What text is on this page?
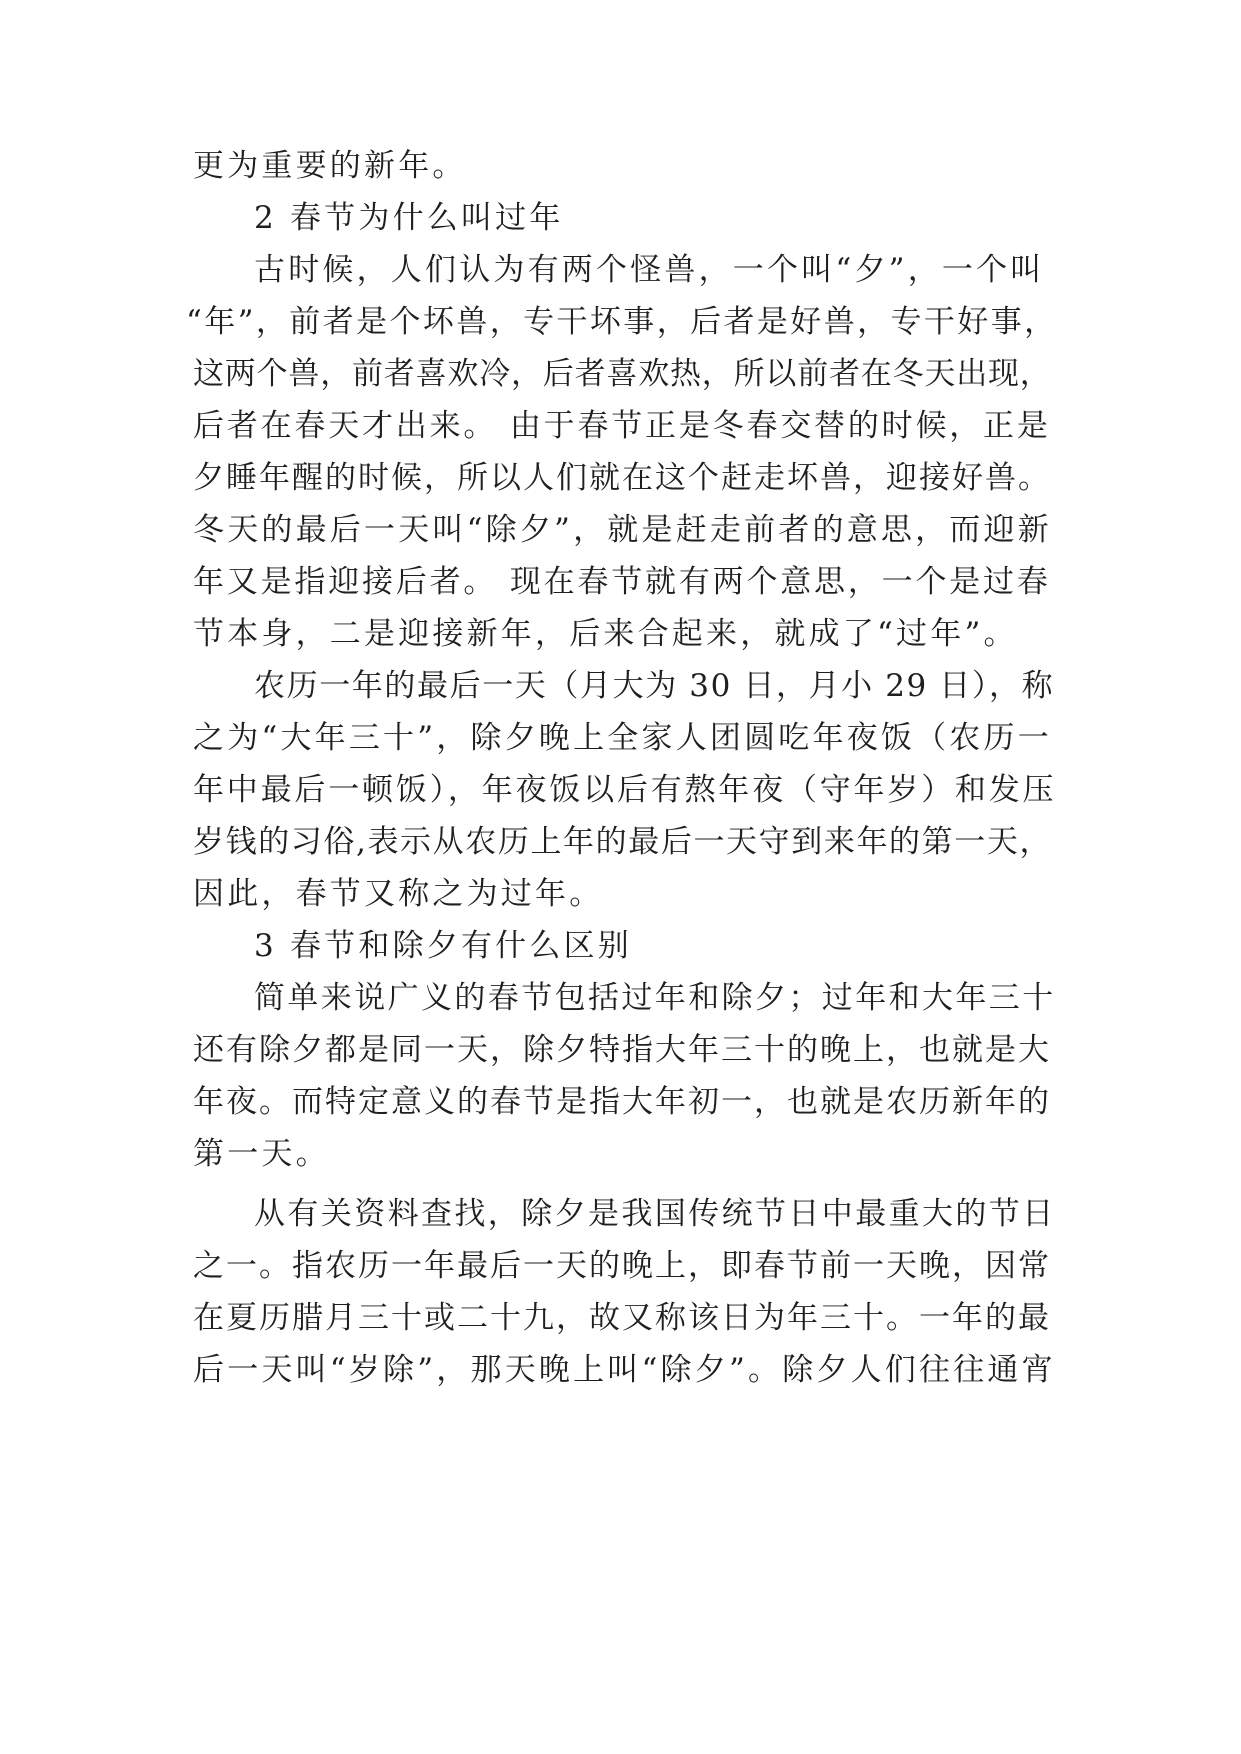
更为重要的新年。
2 春节为什么叫过年
古时候，人们认为有两个怪兽，一个叫“夕”，一个叫
“年”，前者是个坏兽，专干坏事，后者是好兽，专干好事，
这两个兽，前者喜欢冷，后者喜欢热，所以前者在冬天出现，
后者在春天才出来。 由于春节正是冬春交替的时候，正是
夕睡年醒的时候，所以人们就在这个赶走坏兽，迎接好兽。
冬天的最后一天叫“除夕”，就是赶走前者的意思，而迎新
年又是指迎接后者。 现在春节就有两个意思，一个是过春
节本身，二是迎接新年，后来合起来，就成了“过年”。
农历一年的最后一天（月大为 30 日，月小 29 日），称
之为“大年三十”，除夕晚上全家人团圆吃年夜饭（农历一
年中最后一顿饭），年夜饭以后有熬年夜（守年岁）和发压
岁钱的习俗,表示从农历上年的最后一天守到来年的第一天，
因此，春节又称之为过年。
3 春节和除夕有什么区别
简单来说广义的春节包括过年和除夕；过年和大年三十
还有除夕都是同一天，除夕特指大年三十的晚上，也就是大
年夜。而特定意义的春节是指大年初一，也就是农历新年的
第一天。
从有关资料查找，除夕是我国传统节日中最重大的节日
之一。指农历一年最后一天的晚上，即春节前一天晚，因常
在夏历腊月三十或二十九，故又称该日为年三十。一年的最
后一天叫“岁除”，那天晚上叫“除夕”。除夕人们往往通宵
